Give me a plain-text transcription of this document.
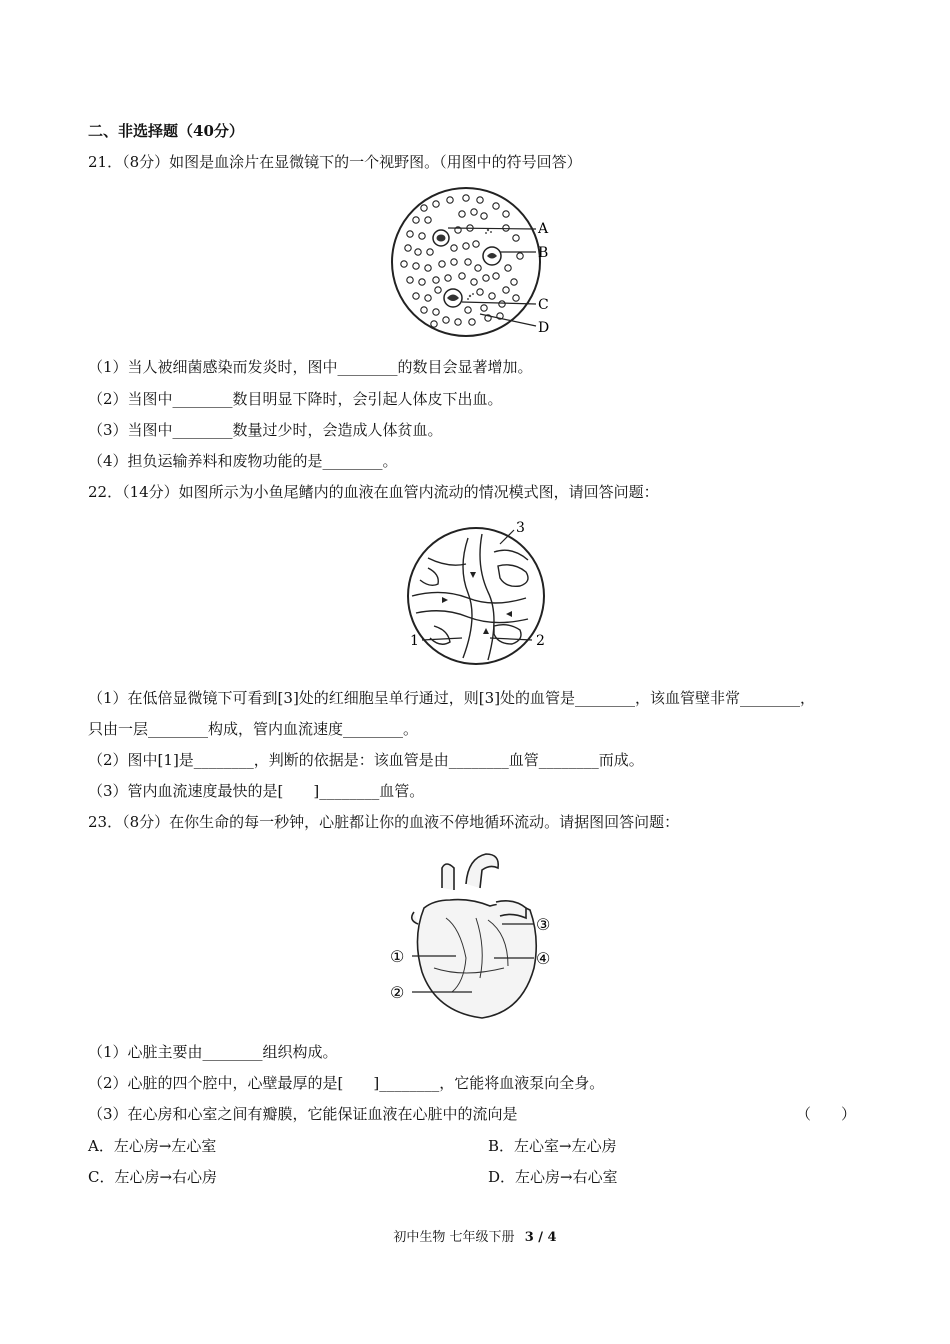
二、非选择题（40分）
21．（8分）如图是血涂片在显微镜下的一个视野图。（用图中的符号回答）
A
B
C
D
（1）当人被细菌感染而发炎时，图中________的数目会显著增加。
（2）当图中________数目明显下降时，会引起人体皮下出血。
（3）当图中________数量过少时，会造成人体贫血。
（4）担负运输养料和废物功能的是________。
22．（14分）如图所示为小鱼尾鳍内的血液在血管内流动的情况模式图，请回答问题：
1	2
3
（1）在低倍显微镜下可看到[3]处的红细胞呈单行通过，则[3]处的血管是________，该血管壁非常________，
只由一层________构成，管内血流速度________。
（2）图中[1]是________，判断的依据是：该血管是由________血管________而成。
（3）管内血流速度最快的是[　　]________血管。
23．（8分）在你生命的每一秒钟，心脏都让你的血液不停地循环流动。请据图回答问题：
①
②
③
④
（1）心脏主要由________组织构成。
（2）心脏的四个腔中，心壁最厚的是[　　]________，它能将血液泵向全身。
（3）在心房和心室之间有瓣膜，它能保证血液在心脏中的流向是	（　　）
A．左心房→左心室	B．左心室→左心房
C．左心房→右心房	D．左心房→右心室
初中生物 七年级下册 3 / 4
